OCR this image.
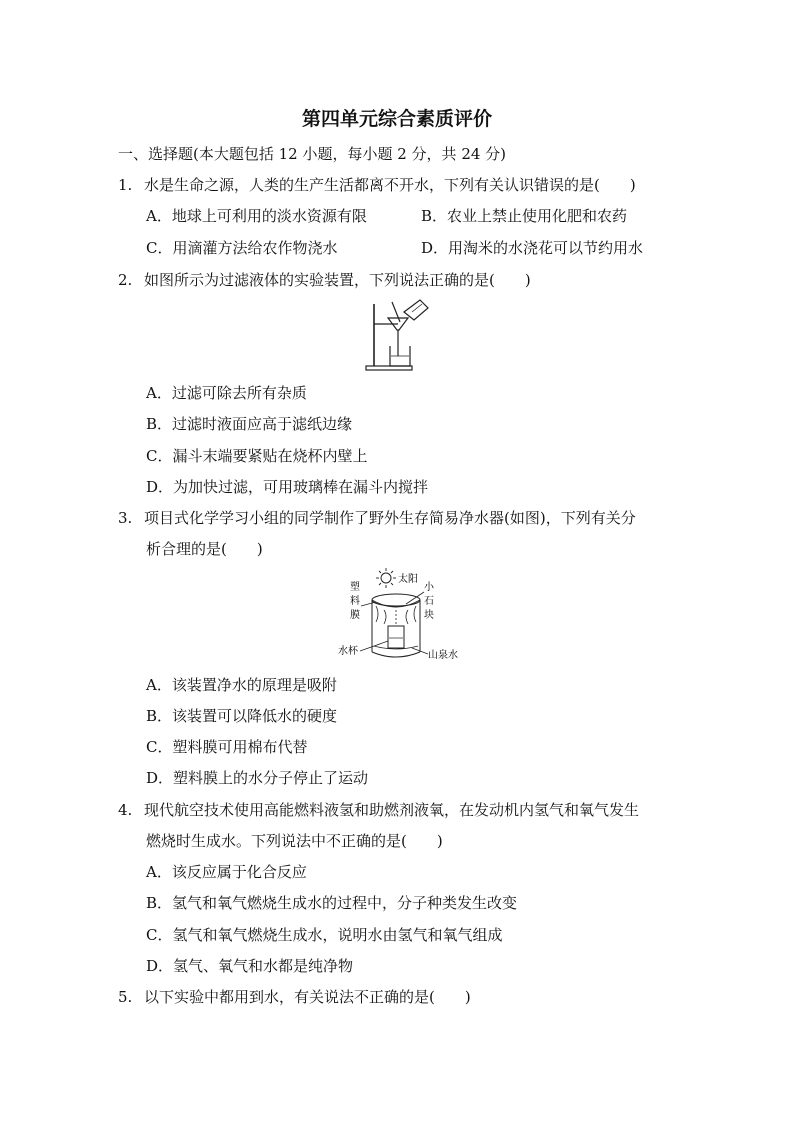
第四单元综合素质评价
一、选择题(本大题包括 12 小题，每小题 2 分，共 24 分)
1. 水是生命之源，人类的生产生活都离不开水，下列有关认识错误的是(　　)
A．地球上可利用的淡水资源有限	B．农业上禁止使用化肥和农药
C．用滴灌方法给农作物浇水	D．用淘米的水浇花可以节约用水
2. 如图所示为过滤液体的实验装置，下列说法正确的是(　　)
A．过滤可除去所有杂质
B．过滤时液面应高于滤纸边缘
C．漏斗末端要紧贴在烧杯内壁上
D．为加快过滤，可用玻璃棒在漏斗内搅拌
3. 项目式化学学习小组的同学制作了野外生存简易净水器(如图)，下列有关分
析合理的是(　　)
太阳
塑
料
膜
小
石
块
水杯	山泉水
A．该装置净水的原理是吸附
B．该装置可以降低水的硬度
C．塑料膜可用棉布代替
D．塑料膜上的水分子停止了运动
4. 现代航空技术使用高能燃料液氢和助燃剂液氧，在发动机内氢气和氧气发生
燃烧时生成水。下列说法中不正确的是(　　)
A．该反应属于化合反应
B．氢气和氧气燃烧生成水的过程中，分子种类发生改变
C．氢气和氧气燃烧生成水，说明水由氢气和氧气组成
D．氢气、氧气和水都是纯净物
5. 以下实验中都用到水，有关说法不正确的是(　　)
